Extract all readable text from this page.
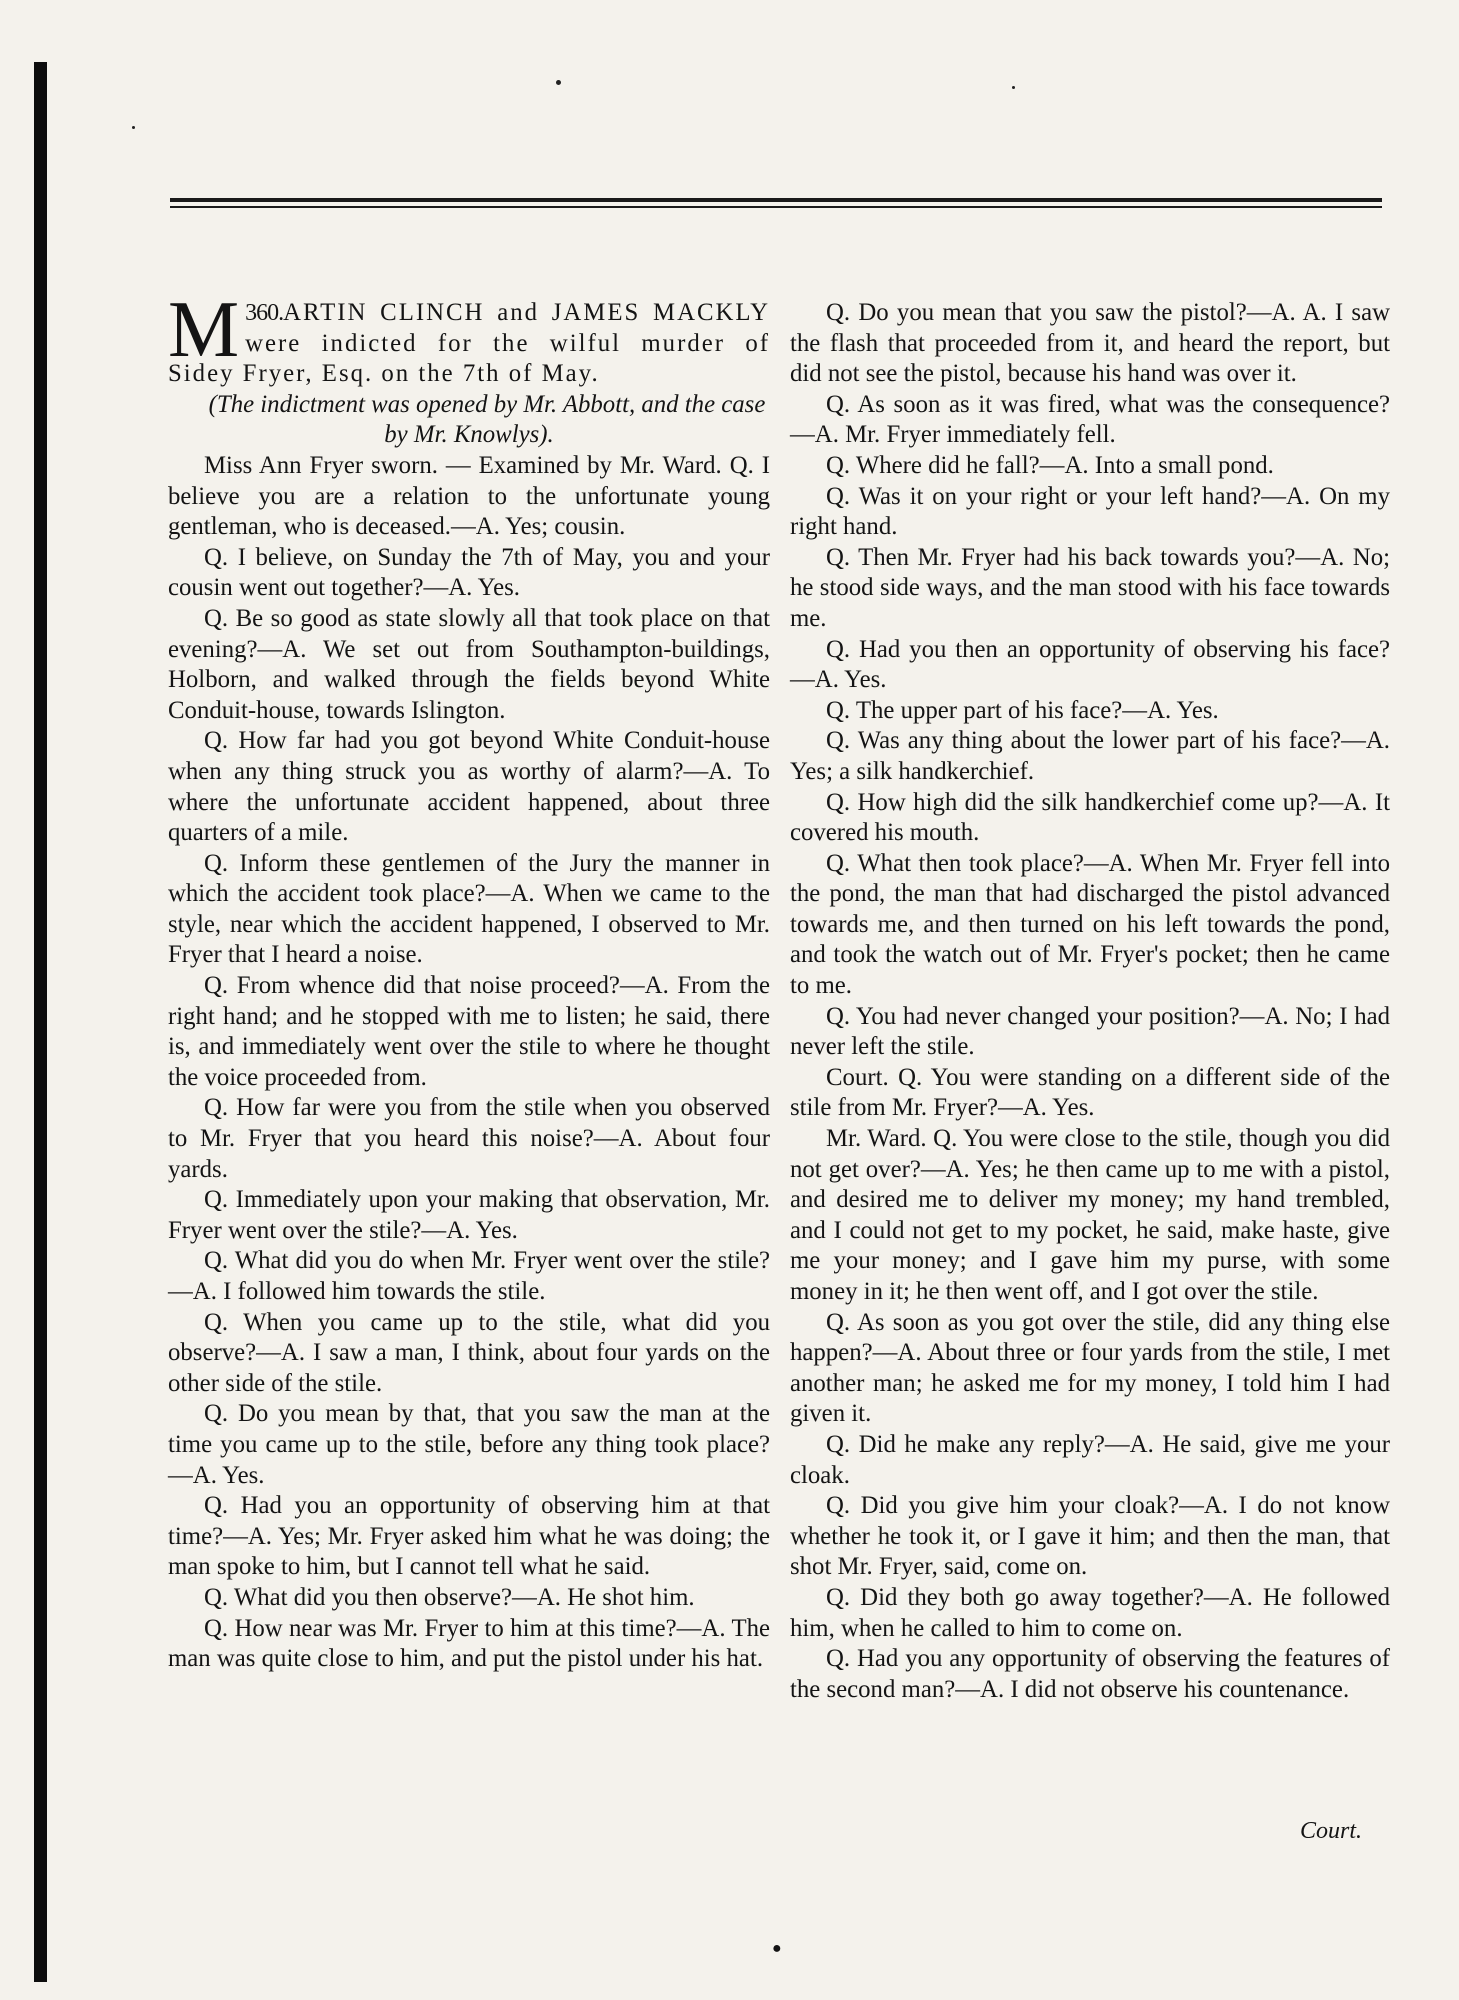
360.
M ARTIN CLINCH and JAMES MACKLY were indicted for the wilful murder of Sidey Fryer, Esq. on the 7th of May.

(The indictment was opened by Mr. Abbott, and the case by Mr. Knowlys).

Miss Ann Fryer sworn. — Examined by Mr. Ward. Q. I believe you are a relation to the unfortunate young gentleman, who is deceased.—A. Yes; cousin.

Q. I believe, on Sunday the 7th of May, you and your cousin went out together?—A. Yes.

Q. Be so good as state slowly all that took place on that evening?—A. We set out from Southampton-buildings, Holborn, and walked through the fields beyond White Conduit-house, towards Islington.

Q. How far had you got beyond White Conduit-house when any thing struck you as worthy of alarm?—A. To where the unfortunate accident happened, about three quarters of a mile.

Q. Inform these gentlemen of the Jury the manner in which the accident took place?—A. When we came to the style, near which the accident happened, I observed to Mr. Fryer that I heard a noise.

Q. From whence did that noise proceed?—A. From the right hand; and he stopped with me to listen; he said, there is, and immediately went over the stile to where he thought the voice proceeded from.

Q. How far were you from the stile when you observed to Mr. Fryer that you heard this noise?—A. About four yards.

Q. Immediately upon your making that observation, Mr. Fryer went over the stile?—A. Yes.

Q. What did you do when Mr. Fryer went over the stile?—A. I followed him towards the stile.

Q. When you came up to the stile, what did you observe?—A. I saw a man, I think, about four yards on the other side of the stile.

Q. Do you mean by that, that you saw the man at the time you came up to the stile, before any thing took place?—A. Yes.

Q. Had you an opportunity of observing him at that time?—A. Yes; Mr. Fryer asked him what he was doing; the man spoke to him, but I cannot tell what he said.

Q. What did you then observe?—A. He shot him.

Q. How near was Mr. Fryer to him at this time?—A. The man was quite close to him, and put the pistol under his hat.

Q. Do you mean that you saw the pistol?—A. A. I saw the flash that proceeded from it, and heard the report, but did not see the pistol, because his hand was over it.

Q. As soon as it was fired, what was the consequence?—A. Mr. Fryer immediately fell.

Q. Where did he fall?—A. Into a small pond.

Q. Was it on your right or your left hand?—A. On my right hand.

Q. Then Mr. Fryer had his back towards you?—A. No; he stood side ways, and the man stood with his face towards me.

Q. Had you then an opportunity of observing his face?—A. Yes.

Q. The upper part of his face?—A. Yes.

Q. Was any thing about the lower part of his face?—A. Yes; a silk handkerchief.

Q. How high did the silk handkerchief come up?—A. It covered his mouth.

Q. What then took place?—A. When Mr. Fryer fell into the pond, the man that had discharged the pistol advanced towards me, and then turned on his left towards the pond, and took the watch out of Mr. Fryer's pocket; then he came to me.

Q. You had never changed your position?—A. No; I had never left the stile.

Court. Q. You were standing on a different side of the stile from Mr. Fryer?—A. Yes.

Mr. Ward. Q. You were close to the stile, though you did not get over?—A. Yes; he then came up to me with a pistol, and desired me to deliver my money; my hand trembled, and I could not get to my pocket, he said, make haste, give me your money; and I gave him my purse, with some money in it; he then went off, and I got over the stile.

Q. As soon as you got over the stile, did any thing else happen?—A. About three or four yards from the stile, I met another man; he asked me for my money, I told him I had given it.

Q. Did he make any reply?—A. He said, give me your cloak.

Q. Did you give him your cloak?—A. I do not know whether he took it, or I gave it him; and then the man, that shot Mr. Fryer, said, come on.

Q. Did they both go away together?—A. He followed him, when he called to him to come on.

Q. Had you any opportunity of observing the features of the second man?—A. I did not observe his countenance.

Court.
●
